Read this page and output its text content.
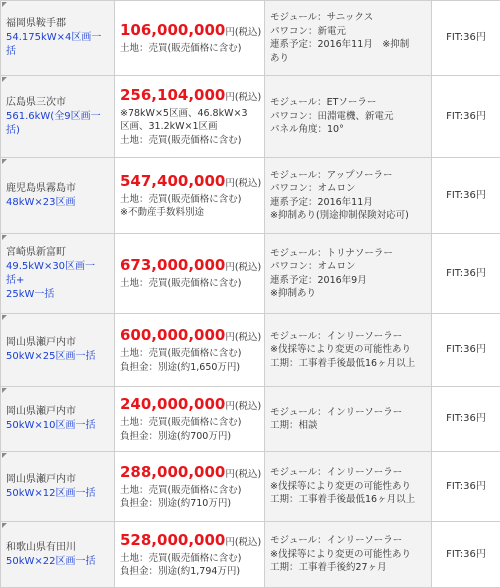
福岡県鞍手郡
54.175kW×4区画一
括	106,000,000円(税込)
土地：売買(販売価格に含む)	モジュール：サニックス
パワコン：新電元
連系予定：2016年11月　※抑制
あり	FIT:36円

広島県三次市
561.6kW(全9区画一
括)	256,104,000円(税込)
※78kW×5区画、46.8kW×3
区画、31.2kW×1区画
土地：売買(販売価格に含む)	モジュール：ETソーラー
パワコン：田淵電機、新電元
パネル角度：10°	FIT:36円

鹿児島県霧島市
48kW×23区画	547,400,000円(税込)
土地：売買(販売価格に含む)
※不動産手数料別途	モジュール：アップソーラー
パワコン：オムロン
連系予定：2016年11月
※抑制あり(別途抑制保険対応可)	FIT:36円

宮崎県新富町
49.5kW×30区画一
括+
25kW一括	673,000,000円(税込)
土地：売買(販売価格に含む)	モジュール：トリナソーラー
パワコン：オムロン
連系予定：2016年9月
※抑制あり	FIT:36円

岡山県瀬戸内市
50kW×25区画一括	600,000,000円(税込)
土地：売買(販売価格に含む)
負担金：別途(約1,650万円)	モジュール：インリーソーラー
※伐採等により変更の可能性あり
工期：工事着手後最低16ヶ月以上	FIT:36円

岡山県瀬戸内市
50kW×10区画一括	240,000,000円(税込)
土地：売買(販売価格に含む)
負担金：別途(約700万円)	モジュール：インリーソーラー
工期：相談	FIT:36円

岡山県瀬戸内市
50kW×12区画一括	288,000,000円(税込)
土地：売買(販売価格に含む)
負担金：別途(約710万円)	モジュール：インリーソーラー
※伐採等により変更の可能性あり
工期：工事着手後最低16ヶ月以上	FIT:36円

和歌山県有田川
50kW×22区画一括	528,000,000円(税込)
土地：売買(販売価格に含む)
負担金：別途(約1,794万円)	モジュール：インリーソーラー
※伐採等により変更の可能性あり
工期：工事着手後約27ヶ月	FIT:36円
